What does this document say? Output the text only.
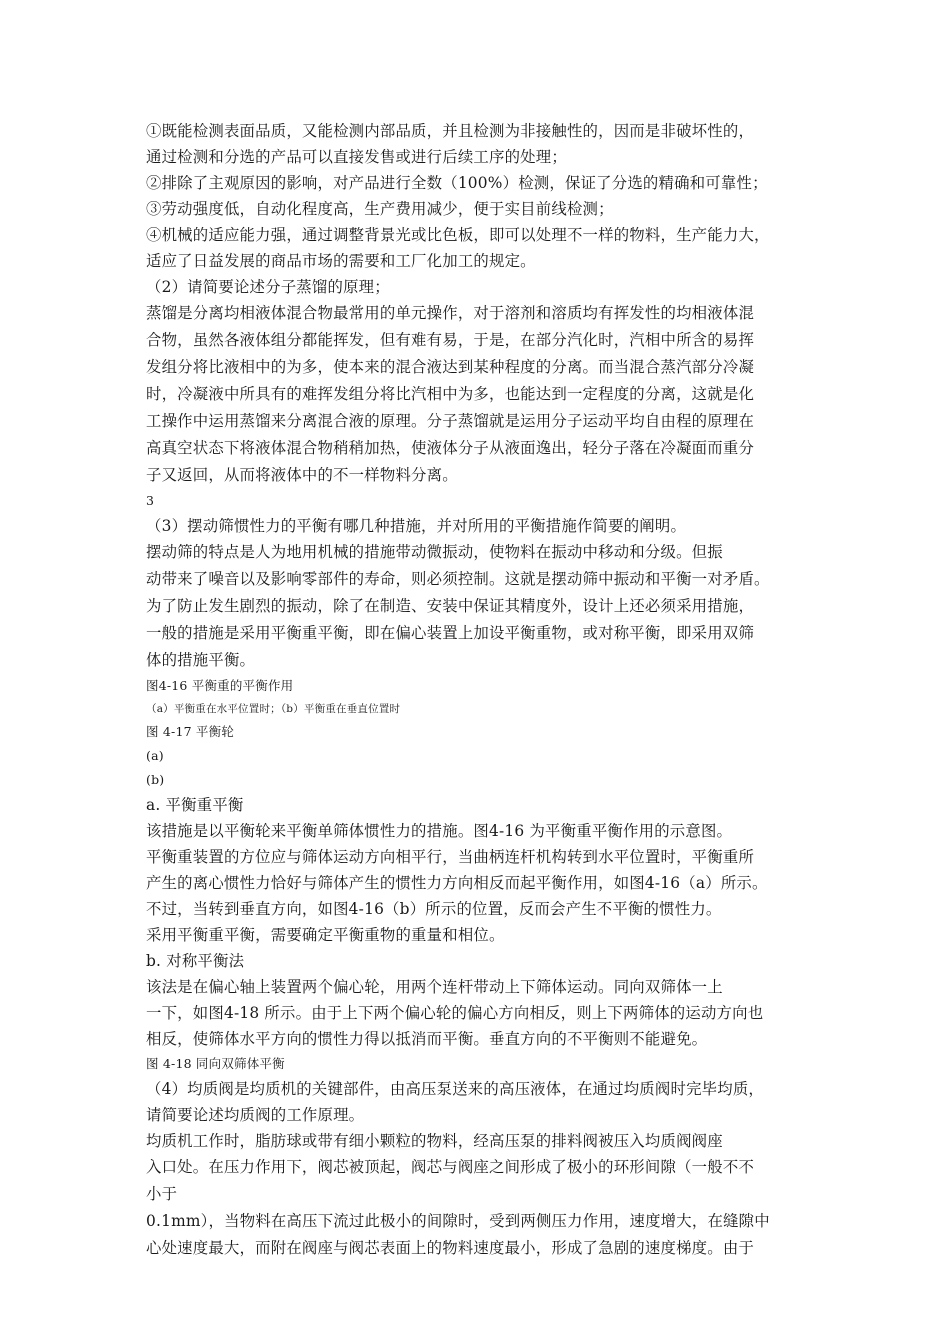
①既能检测表面品质，又能检测内部品质，并且检测为非接触性的，因而是非破坏性的，
通过检测和分选的产品可以直接发售或进行后续工序的处理；
②排除了主观原因的影响，对产品进行全数（100%）检测，保证了分选的精确和可靠性；
③劳动强度低，自动化程度高，生产费用减少，便于实目前线检测；
④机械的适应能力强，通过调整背景光或比色板，即可以处理不一样的物料，生产能力大，
适应了日益发展的商品市场的需要和工厂化加工的规定。
（2）请简要论述分子蒸馏的原理；
蒸馏是分离均相液体混合物最常用的单元操作，对于溶剂和溶质均有挥发性的均相液体混
合物，虽然各液体组分都能挥发，但有难有易，于是，在部分汽化时，汽相中所含的易挥
发组分将比液相中的为多，使本来的混合液达到某种程度的分离。而当混合蒸汽部分冷凝
时，冷凝液中所具有的难挥发组分将比汽相中为多，也能达到一定程度的分离，这就是化
工操作中运用蒸馏来分离混合液的原理。分子蒸馏就是运用分子运动平均自由程的原理在
高真空状态下将液体混合物稍稍加热，使液体分子从液面逸出，轻分子落在冷凝面而重分
子又返回，从而将液体中的不一样物料分离。
3
（3）摆动筛惯性力的平衡有哪几种措施，并对所用的平衡措施作简要的阐明。
摆动筛的特点是人为地用机械的措施带动微振动，使物料在振动中移动和分级。但振
动带来了噪音以及影响零部件的寿命，则必须控制。这就是摆动筛中振动和平衡一对矛盾。
为了防止发生剧烈的振动，除了在制造、安装中保证其精度外，设计上还必须采用措施，
一般的措施是采用平衡重平衡，即在偏心装置上加设平衡重物，或对称平衡，即采用双筛
体的措施平衡。
图4-16 平衡重的平衡作用
（a）平衡重在水平位置时；（b）平衡重在垂直位置时
图 4-17 平衡轮
(a)
(b)
a. 平衡重平衡
该措施是以平衡轮来平衡单筛体惯性力的措施。图4-16 为平衡重平衡作用的示意图。
平衡重装置的方位应与筛体运动方向相平行，当曲柄连杆机构转到水平位置时，平衡重所
产生的离心惯性力恰好与筛体产生的惯性力方向相反而起平衡作用，如图4-16（a）所示。
不过，当转到垂直方向，如图4-16（b）所示的位置，反而会产生不平衡的惯性力。
采用平衡重平衡，需要确定平衡重物的重量和相位。
b. 对称平衡法
该法是在偏心轴上装置两个偏心轮，用两个连杆带动上下筛体运动。同向双筛体一上
一下，如图4-18 所示。由于上下两个偏心轮的偏心方向相反，则上下两筛体的运动方向也
相反，使筛体水平方向的惯性力得以抵消而平衡。垂直方向的不平衡则不能避免。
图 4-18 同向双筛体平衡
（4）均质阀是均质机的关键部件，由高压泵送来的高压液体，在通过均质阀时完毕均质，
请简要论述均质阀的工作原理。
均质机工作时，脂肪球或带有细小颗粒的物料，经高压泵的排料阀被压入均质阀阀座
入口处。在压力作用下，阀芯被顶起，阀芯与阀座之间形成了极小的环形间隙（一般不不
小于
0.1mm），当物料在高压下流过此极小的间隙时，受到两侧压力作用，速度增大，在缝隙中
心处速度最大，而附在阀座与阀芯表面上的物料速度最小，形成了急剧的速度梯度。由于
